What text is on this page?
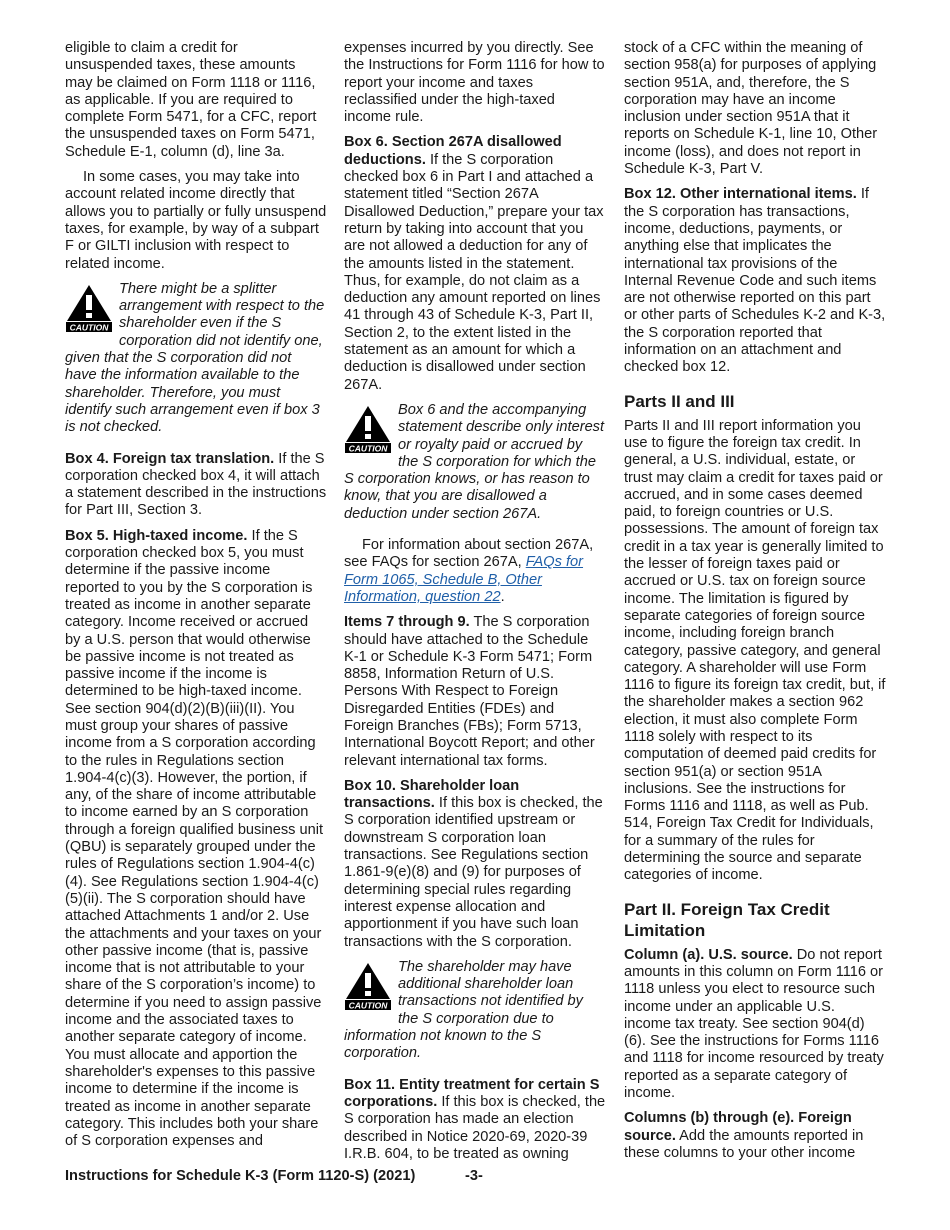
eligible to claim a credit for unsuspended taxes, these amounts may be claimed on Form 1118 or 1116, as applicable. If you are required to complete Form 5471, for a CFC, report the unsuspended taxes on Form 5471, Schedule E-1, column (d), line 3a.

In some cases, you may take into account related income directly that allows you to partially or fully unsuspend taxes, for example, by way of a subpart F or GILTI inclusion with respect to related income.

CAUTION
There might be a splitter arrangement with respect to the shareholder even if the S corporation did not identify one, given that the S corporation did not have the information available to the shareholder. Therefore, you must identify such arrangement even if box 3 is not checked.

Box 4. Foreign tax translation. If the S corporation checked box 4, it will attach a statement described in the instructions for Part III, Section 3.

Box 5. High-taxed income. If the S corporation checked box 5, you must determine if the passive income reported to you by the S corporation is treated as income in another separate category. Income received or accrued by a U.S. person that would otherwise be passive income is not treated as passive income if the income is determined to be high-taxed income. See section 904(d)(2)(B)(iii)(II). You must group your shares of passive income from a S corporation according to the rules in Regulations section 1.904-4(c)(3). However, the portion, if any, of the share of income attributable to income earned by an S corporation through a foreign qualified business unit (QBU) is separately grouped under the rules of Regulations section 1.904-4(c)(4). See Regulations section 1.904-4(c)(5)(ii). The S corporation should have attached Attachments 1 and/or 2. Use the attachments and your taxes on your other passive income (that is, passive income that is not attributable to your share of the S corporation’s income) to determine if you need to assign passive income and the associated taxes to another separate category of income. You must allocate and apportion the shareholder's expenses to this passive income to determine if the income is treated as income in another separate category. This includes both your share of S corporation expenses and

expenses incurred by you directly. See the Instructions for Form 1116 for how to report your income and taxes reclassified under the high-taxed income rule.

Box 6. Section 267A disallowed deductions. If the S corporation checked box 6 in Part I and attached a statement titled “Section 267A Disallowed Deduction,” prepare your tax return by taking into account that you are not allowed a deduction for any of the amounts listed in the statement. Thus, for example, do not claim as a deduction any amount reported on lines 41 through 43 of Schedule K-3, Part II, Section 2, to the extent listed in the statement as an amount for which a deduction is disallowed under section 267A.

CAUTION
Box 6 and the accompanying statement describe only interest or royalty paid or accrued by the S corporation for which the S corporation knows, or has reason to know, that you are disallowed a deduction under section 267A.

For information about section 267A, see FAQs for section 267A, FAQs for Form 1065, Schedule B, Other Information, question 22.

Items 7 through 9. The S corporation should have attached to the Schedule K-1 or Schedule K-3 Form 5471; Form 8858, Information Return of U.S. Persons With Respect to Foreign Disregarded Entities (FDEs) and Foreign Branches (FBs); Form 5713, International Boycott Report; and other relevant international tax forms.

Box 10. Shareholder loan transactions. If this box is checked, the S corporation identified upstream or downstream S corporation loan transactions. See Regulations section 1.861-9(e)(8) and (9) for purposes of determining special rules regarding interest expense allocation and apportionment if you have such loan transactions with the S corporation.

CAUTION
The shareholder may have additional shareholder loan transactions not identified by the S corporation due to information not known to the S corporation.

Box 11. Entity treatment for certain S corporations. If this box is checked, the S corporation has made an election described in Notice 2020-69, 2020-39 I.R.B. 604, to be treated as owning

stock of a CFC within the meaning of section 958(a) for purposes of applying section 951A, and, therefore, the S corporation may have an income inclusion under section 951A that it reports on Schedule K-1, line 10, Other income (loss), and does not report in Schedule K-3, Part V.

Box 12. Other international items. If the S corporation has transactions, income, deductions, payments, or anything else that implicates the international tax provisions of the Internal Revenue Code and such items are not otherwise reported on this part or other parts of Schedules K-2 and K-3, the S corporation reported that information on an attachment and checked box 12.

Parts II and III

Parts II and III report information you use to figure the foreign tax credit. In general, a U.S. individual, estate, or trust may claim a credit for taxes paid or accrued, and in some cases deemed paid, to foreign countries or U.S. possessions. The amount of foreign tax credit in a tax year is generally limited to the lesser of foreign taxes paid or accrued or U.S. tax on foreign source income. The limitation is figured by separate categories of foreign source income, including foreign branch category, passive category, and general category. A shareholder will use Form 1116 to figure its foreign tax credit, but, if the shareholder makes a section 962 election, it must also complete Form 1118 solely with respect to its computation of deemed paid credits for section 951(a) or section 951A inclusions. See the instructions for Forms 1116 and 1118, as well as Pub. 514, Foreign Tax Credit for Individuals, for a summary of the rules for determining the source and separate categories of income.

Part II. Foreign Tax Credit Limitation

Column (a). U.S. source. Do not report amounts in this column on Form 1116 or 1118 unless you elect to resource such income under an applicable U.S. income tax treaty. See section 904(d)(6). See the instructions for Forms 1116 and 1118 for income resourced by treaty reported as a separate category of income.

Columns (b) through (e). Foreign source. Add the amounts reported in these columns to your other income

Instructions for Schedule K-3 (Form 1120-S) (2021)	-3-
